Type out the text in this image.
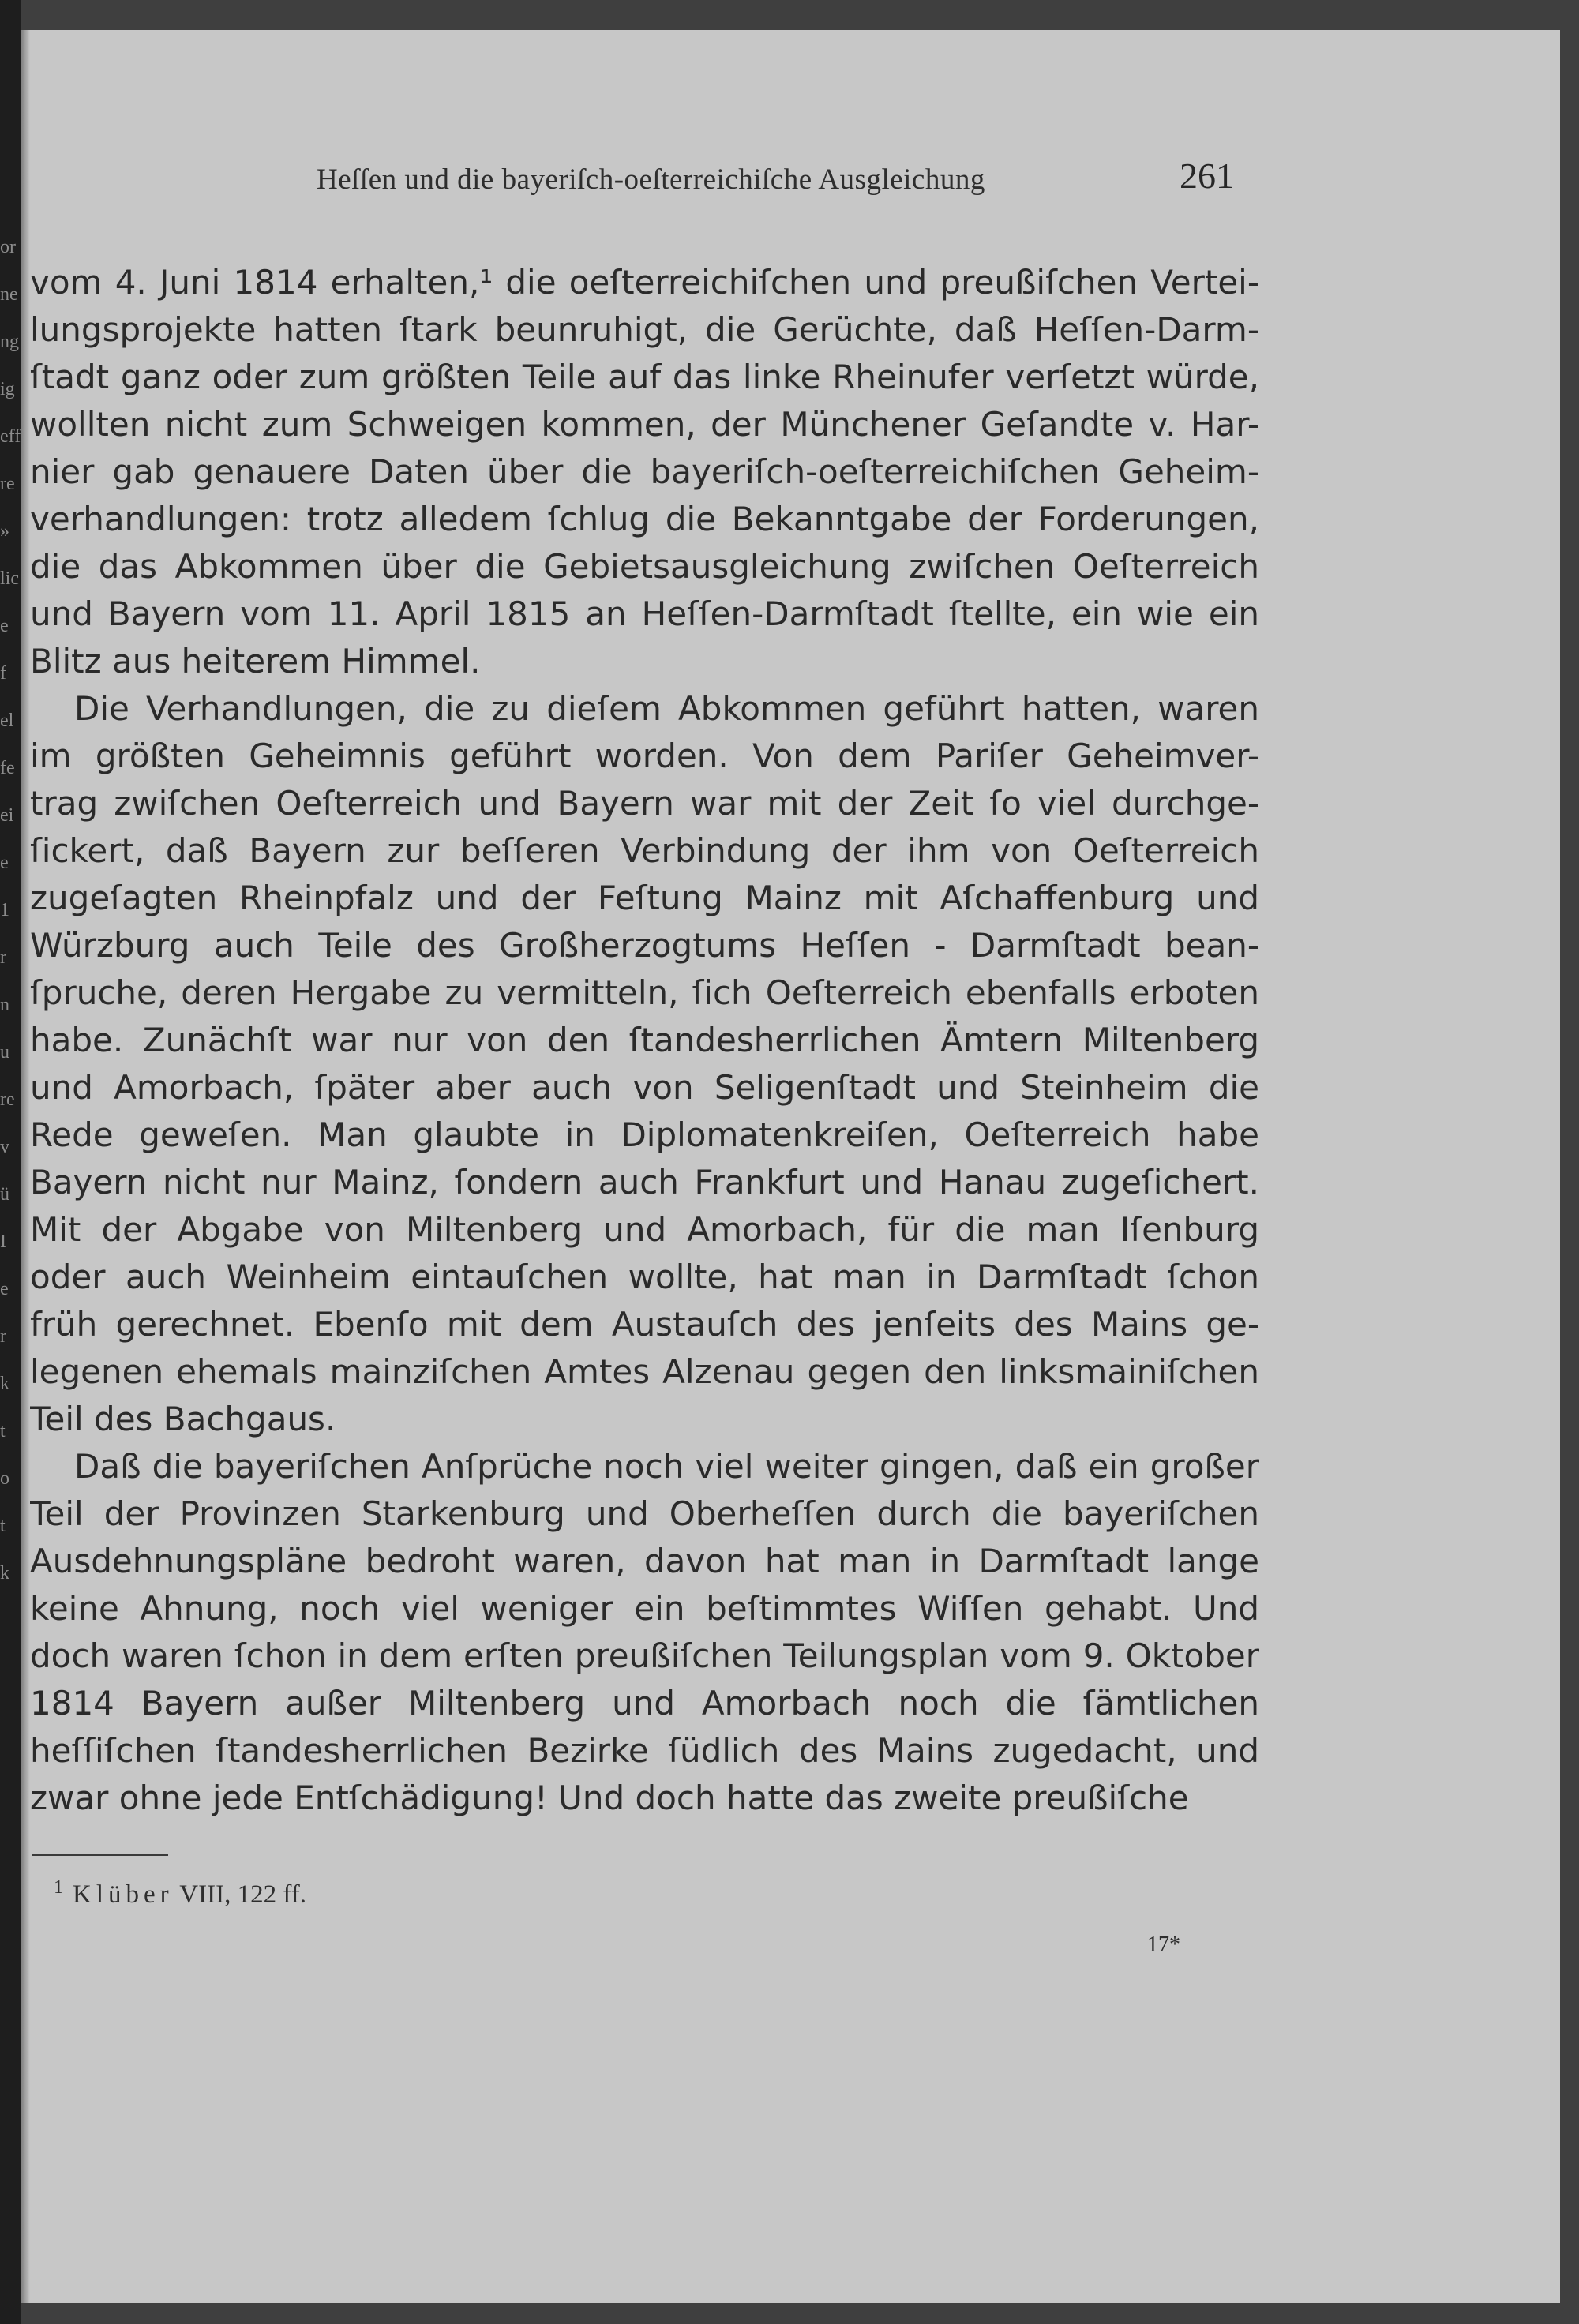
or
ne
ng
ig
eff
re
»
lic
e
f
el
fe
ei
e
1
r
n
u
re
v
ü
I
e
r
k
t
o
t
k
Heſſen und die bayeriſch-oeſterreichiſche Ausgleichung	261
vom 4. Juni 1814 erhalten,¹ die oeſterreichiſchen und preußiſchen Vertei-
lungsprojekte hatten ſtark beunruhigt, die Gerüchte, daß Heſſen-Darm-
ſtadt ganz oder zum größten Teile auf das linke Rheinufer verſetzt würde,
wollten nicht zum Schweigen kommen, der Münchener Geſandte v. Har-
nier gab genauere Daten über die bayeriſch-oeſterreichiſchen Geheim-
verhandlungen: trotz alledem ſchlug die Bekanntgabe der Forderungen,
die das Abkommen über die Gebietsausgleichung zwiſchen Oeſterreich
und Bayern vom 11. April 1815 an Heſſen-Darmſtadt ſtellte, ein wie ein
Blitz aus heiterem Himmel.
Die Verhandlungen, die zu dieſem Abkommen geführt hatten, waren
im größten Geheimnis geführt worden. Von dem Pariſer Geheimver-
trag zwiſchen Oeſterreich und Bayern war mit der Zeit ſo viel durchge-
ſickert, daß Bayern zur beſſeren Verbindung der ihm von Oeſterreich
zugeſagten Rheinpfalz und der Feſtung Mainz mit Aſchaffenburg und
Würzburg auch Teile des Großherzogtums Heſſen - Darmſtadt bean-
ſpruche, deren Hergabe zu vermitteln, ſich Oeſterreich ebenfalls erboten
habe. Zunächſt war nur von den ſtandesherrlichen Ämtern Miltenberg
und Amorbach, ſpäter aber auch von Seligenſtadt und Steinheim die
Rede geweſen. Man glaubte in Diplomatenkreiſen, Oeſterreich habe
Bayern nicht nur Mainz, ſondern auch Frankfurt und Hanau zugeſichert.
Mit der Abgabe von Miltenberg und Amorbach, für die man Iſenburg
oder auch Weinheim eintauſchen wollte, hat man in Darmſtadt ſchon
früh gerechnet. Ebenſo mit dem Austauſch des jenſeits des Mains ge-
legenen ehemals mainziſchen Amtes Alzenau gegen den linksmainiſchen
Teil des Bachgaus.
Daß die bayeriſchen Anſprüche noch viel weiter gingen, daß ein großer
Teil der Provinzen Starkenburg und Oberheſſen durch die bayeriſchen
Ausdehnungspläne bedroht waren, davon hat man in Darmſtadt lange
keine Ahnung, noch viel weniger ein beſtimmtes Wiſſen gehabt. Und
doch waren ſchon in dem erſten preußiſchen Teilungsplan vom 9. Oktober
1814 Bayern außer Miltenberg und Amorbach noch die ſämtlichen
heſſiſchen ſtandesherrlichen Bezirke ſüdlich des Mains zugedacht, und
zwar ohne jede Entſchädigung! Und doch hatte das zweite preußiſche
$^1$ Klüber VIII, 122 ff.
17*
